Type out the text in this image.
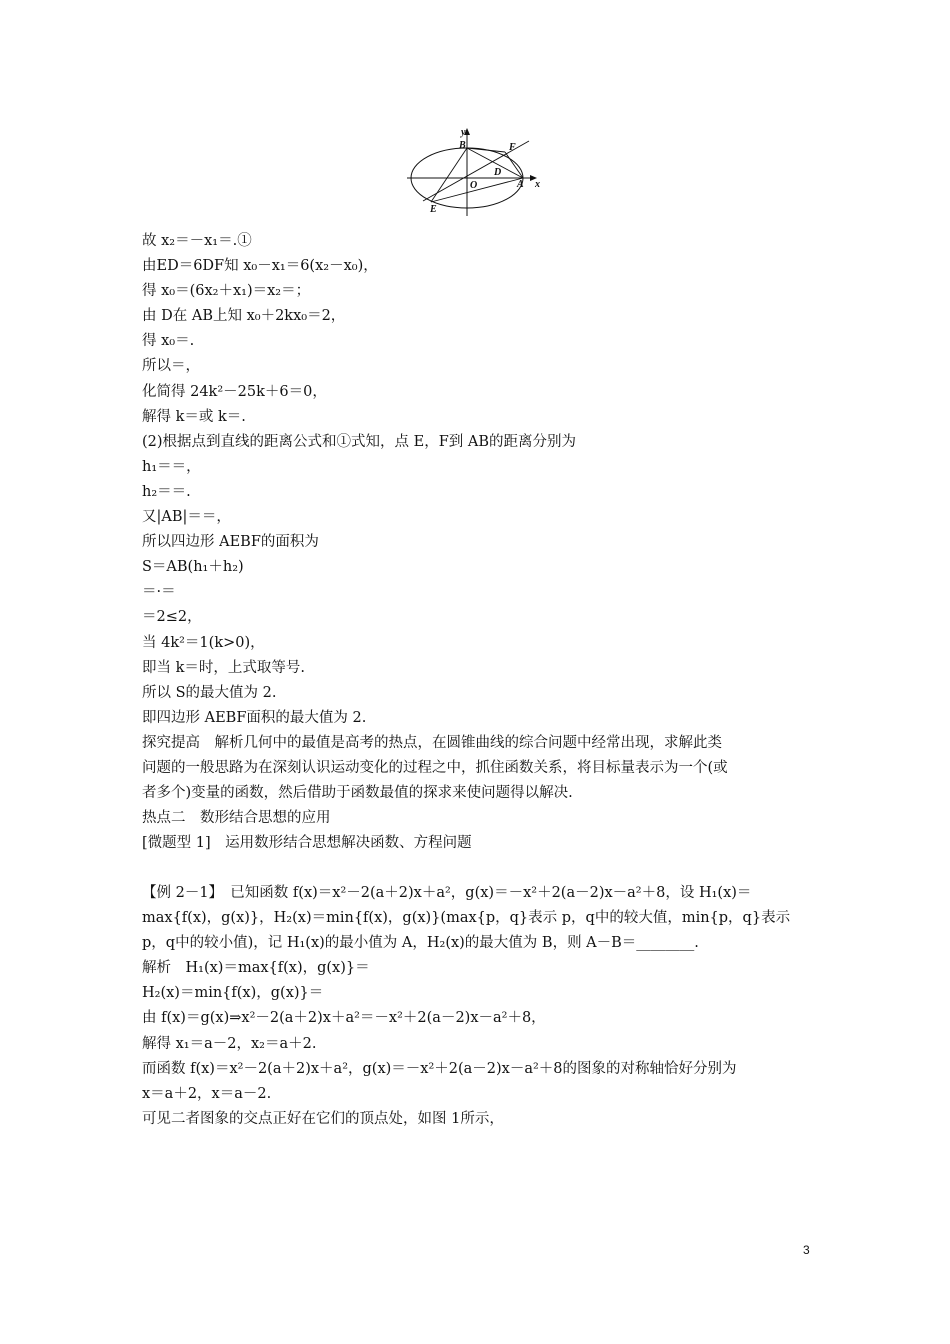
y
x
B	F
D
O	A
E
故 x₂＝－x₁＝.①
由ED＝6DF知 x₀－x₁＝6(x₂－x₀)，
得 x₀＝(6x₂＋x₁)＝x₂＝；
由 D在 AB上知 x₀＋2kx₀＝2，
得 x₀＝.
所以＝，
化简得 24k²－25k＋6＝0，
解得 k＝或 k＝.
(2)根据点到直线的距离公式和①式知，点 E，F到 AB的距离分别为
h₁＝＝，
h₂＝＝.
又|AB|＝＝，
所以四边形 AEBF的面积为
S＝AB(h₁＋h₂)
＝·＝
＝2≤2，
当 4k²＝1(k>0)，
即当 k＝时，上式取等号.
所以 S的最大值为 2.
即四边形 AEBF面积的最大值为 2.
探究提高　解析几何中的最值是高考的热点，在圆锥曲线的综合问题中经常出现，求解此类
问题的一般思路为在深刻认识运动变化的过程之中，抓住函数关系，将目标量表示为一个(或
者多个)变量的函数，然后借助于函数最值的探求来使问题得以解决.
热点二　数形结合思想的应用
[微题型 1]　运用数形结合思想解决函数、方程问题
【例 2－1】　已知函数 f(x)＝x²－2(a＋2)x＋a²，g(x)＝－x²＋2(a－2)x－a²＋8，设 H₁(x)＝
max{f(x)，g(x)}，H₂(x)＝min{f(x)，g(x)}(max{p，q}表示 p，q中的较大值，min{p，q}表示
p，q中的较小值)，记 H₁(x)的最小值为 A，H₂(x)的最大值为 B，则 A－B＝________.
解析　H₁(x)＝max{f(x)，g(x)}＝
H₂(x)＝min{f(x)，g(x)}＝
由 f(x)＝g(x)⇒x²－2(a＋2)x＋a²＝－x²＋2(a－2)x－a²＋8，
解得 x₁＝a－2，x₂＝a＋2.
而函数 f(x)＝x²－2(a＋2)x＋a²，g(x)＝－x²＋2(a－2)x－a²＋8的图象的对称轴恰好分别为
x＝a＋2，x＝a－2.
可见二者图象的交点正好在它们的顶点处，如图 1所示，
3
